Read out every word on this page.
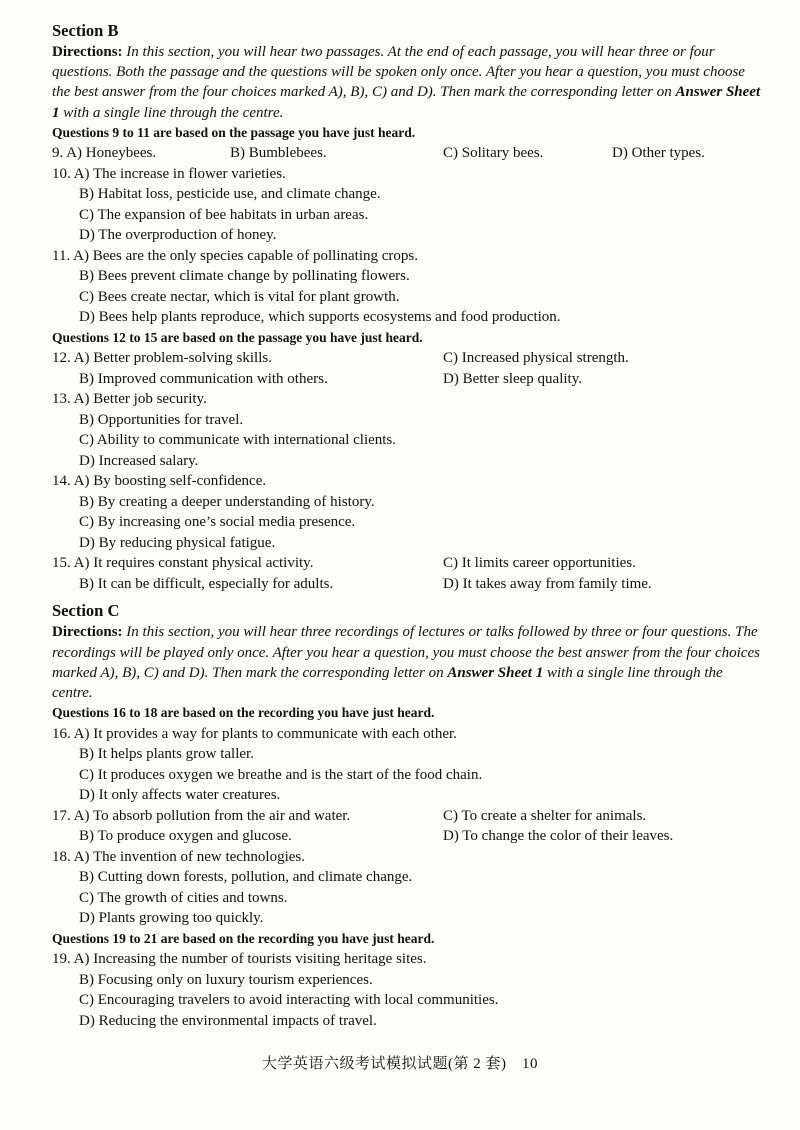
Section B

Directions: In this section, you will hear two passages. At the end of each passage, you will hear three or four questions. Both the passage and the questions will be spoken only once. After you hear a question, you must choose the best answer from the four choices marked A), B), C) and D). Then mark the corresponding letter on Answer Sheet 1 with a single line through the centre.

Questions 9 to 11 are based on the passage you have just heard.
9. A) Honeybees.	B) Bumblebees.	C) Solitary bees.	D) Other types.
10. A) The increase in flower varieties.
B) Habitat loss, pesticide use, and climate change.
C) The expansion of bee habitats in urban areas.
D) The overproduction of honey.
11. A) Bees are the only species capable of pollinating crops.
B) Bees prevent climate change by pollinating flowers.
C) Bees create nectar, which is vital for plant growth.
D) Bees help plants reproduce, which supports ecosystems and food production.
Questions 12 to 15 are based on the passage you have just heard.
12. A) Better problem-solving skills.	C) Increased physical strength.
B) Improved communication with others.	D) Better sleep quality.
13. A) Better job security.
B) Opportunities for travel.
C) Ability to communicate with international clients.
D) Increased salary.
14. A) By boosting self-confidence.
B) By creating a deeper understanding of history.
C) By increasing one’s social media presence.
D) By reducing physical fatigue.
15. A) It requires constant physical activity.	C) It limits career opportunities.
B) It can be difficult, especially for adults.	D) It takes away from family time.
Section C

Directions: In this section, you will hear three recordings of lectures or talks followed by three or four questions. The recordings will be played only once. After you hear a question, you must choose the best answer from the four choices marked A), B), C) and D). Then mark the corresponding letter on Answer Sheet 1 with a single line through the centre.

Questions 16 to 18 are based on the recording you have just heard.
16. A) It provides a way for plants to communicate with each other.
B) It helps plants grow taller.
C) It produces oxygen we breathe and is the start of the food chain.
D) It only affects water creatures.
17. A) To absorb pollution from the air and water.	C) To create a shelter for animals.
B) To produce oxygen and glucose.	D) To change the color of their leaves.
18. A) The invention of new technologies.
B) Cutting down forests, pollution, and climate change.
C) The growth of cities and towns.
D) Plants growing too quickly.
Questions 19 to 21 are based on the recording you have just heard.
19. A) Increasing the number of tourists visiting heritage sites.
B) Focusing only on luxury tourism experiences.
C) Encouraging travelers to avoid interacting with local communities.
D) Reducing the environmental impacts of travel.
大学英语六级考试模拟试题(第 2 套)　10
